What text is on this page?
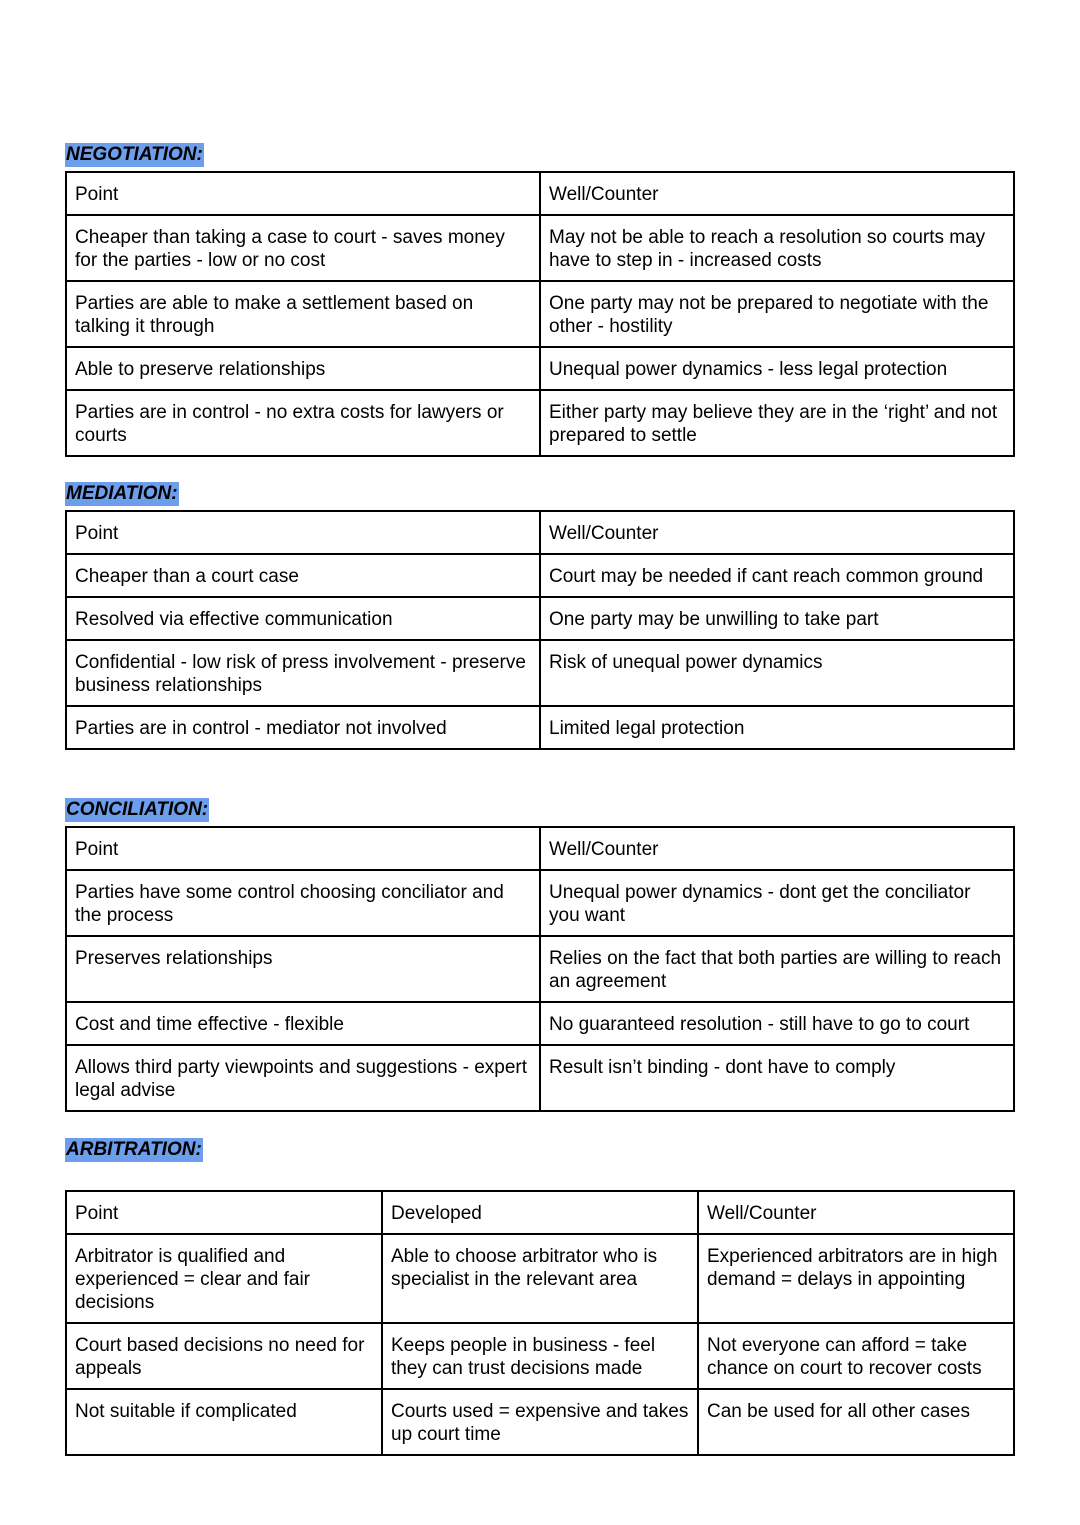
NEGOTIATION:
Point	Well/Counter
Cheaper than taking a case to court - saves money for the parties - low or no cost	May not be able to reach a resolution so courts may have to step in - increased costs
Parties are able to make a settlement based on talking it through	One party may not be prepared to negotiate with the other - hostility
Able to preserve relationships	Unequal power dynamics - less legal protection
Parties are in control - no extra costs for lawyers or courts	Either party may believe they are in the ‘right’ and not prepared to settle
MEDIATION:
Point	Well/Counter
Cheaper than a court case	Court may be needed if cant reach common ground
Resolved via effective communication	One party may be unwilling to take part
Confidential - low risk of press involvement - preserve business relationships	Risk of unequal power dynamics
Parties are in control - mediator not involved	Limited legal protection
CONCILIATION:
Point	Well/Counter
Parties have some control choosing conciliator and the process	Unequal power dynamics - dont get the conciliator you want
Preserves relationships	Relies on the fact that both parties are willing to reach an agreement
Cost and time effective - flexible	No guaranteed resolution - still have to go to court
Allows third party viewpoints and suggestions - expert legal advise	Result isn’t binding - dont have to comply
ARBITRATION:
Point	Developed	Well/Counter
Arbitrator is qualified and experienced = clear and fair decisions	Able to choose arbitrator who is specialist in the relevant area	Experienced arbitrators are in high demand = delays in appointing
Court based decisions no need for appeals	Keeps people in business - feel they can trust decisions made	Not everyone can afford = take chance on court to recover costs
Not suitable if complicated	Courts used = expensive and takes up court time	Can be used for all other cases
